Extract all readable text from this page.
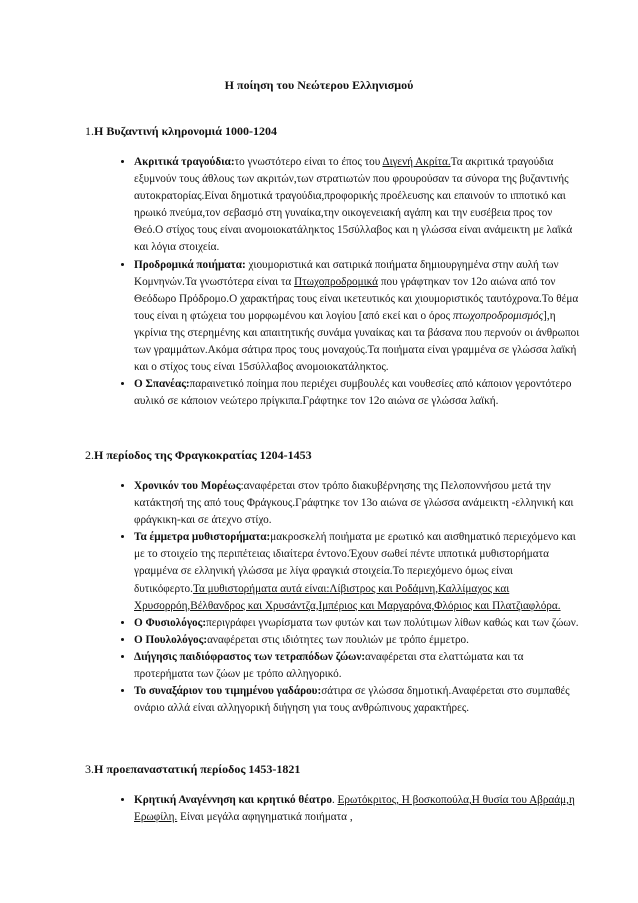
Η ποίηση του Νεώτερου Ελληνισμού
1.Η Βυζαντινή κληρονομιά 1000-1204
• Ακριτικά τραγούδια:το γνωστότερο είναι το έπος του Διγενή Ακρίτα.Τα ακριτικά τραγούδια εξυμνούν τους άθλους των ακριτών,των στρατιωτών που φρουρούσαν τα σύνορα της βυζαντινής αυτοκρατορίας.Είναι δημοτικά τραγούδια,προφορικής προέλευσης και επαινούν το ιπποτικό και ηρωικό πνεύμα,τον σεβασμό στη γυναίκα,την οικογενειακή αγάπη και την ευσέβεια προς τον Θεό.Ο στίχος τους είναι ανομοιοκατάληκτος 15σύλλαβος και η γλώσσα είναι ανάμεικτη με λαϊκά και λόγια στοιχεία.
• Προδρομικά ποιήματα: χιουμοριστικά και σατιρικά ποιήματα δημιουργημένα στην αυλή των Κομνηνών.Τα γνωστότερα είναι τα Πτωχοπροδρομικά που γράφτηκαν τον 12ο αιώνα από τον Θεόδωρο Πρόδρομο.Ο χαρακτήρας τους είναι ικετευτικός και χιουμοριστικός ταυτόχρονα.Το θέμα τους είναι η φτώχεια του μορφωμένου και λογίου [από εκεί και ο όρος πτωχοπροδρομισμός],η γκρίνια της στερημένης και απαιτητικής συνάμα γυναίκας και τα βάσανα που περνούν οι άνθρωποι των γραμμάτων.Ακόμα σάτιρα προς τους μοναχούς.Τα ποιήματα είναι γραμμένα σε γλώσσα λαϊκή και ο στίχος τους είναι 15σύλλαβος ανομοιοκατάληκτος.
• Ο Σπανέας:παραινετικό ποίημα που περιέχει συμβουλές και νουθεσίες από κάποιον γεροντότερο αυλικό σε κάποιον νεώτερο πρίγκιπα.Γράφτηκε τον 12ο αιώνα σε γλώσσα λαϊκή.
2.Η περίοδος της Φραγκοκρατίας 1204-1453
• Χρονικόν του Μορέως:αναφέρεται στον τρόπο διακυβέρνησης της Πελοποννήσου μετά την κατάκτησή της από τους Φράγκους.Γράφτηκε τον 13ο αιώνα σε γλώσσα ανάμεικτη -ελληνική και φράγκικη-και σε άτεχνο στίχο.
• Τα έμμετρα μυθιστορήματα:μακροσκελή ποιήματα με ερωτικό και αισθηματικό περιεχόμενο και με το στοιχείο της περιπέτειας ιδιαίτερα έντονο.Έχουν σωθεί πέντε ιπποτικά μυθιστορήματα γραμμένα σε ελληνική γλώσσα με λίγα φραγκιά στοιχεία.Το περιεχόμενο όμως είναι δυτικόφερτο.Τα μυθιστορήματα αυτά είναι:Λίβιστρος και Ροδάμνη,Καλλίμαχος και Χρυσορρόη,Βέλθανδρος και Χρυσάντζα,Ιμπέριος και Μαργαρόνα,Φλόριος και Πλατζιαφλόρα.
• Ο Φυσιολόγος:περιγράφει γνωρίσματα των φυτών και των πολύτιμων λίθων καθώς και των ζώων.
• Ο Πουλολόγος:αναφέρεται στις ιδιότητες των πουλιών με τρόπο έμμετρο.
• Διήγησις παιδιόφραστος των τετραπόδων ζώων:αναφέρεται στα ελαττώματα και τα προτερήματα των ζώων με τρόπο αλληγορικό.
• Το συναξάριον του τιμημένου γαδάρου:σάτιρα σε γλώσσα δημοτική.Αναφέρεται στο συμπαθές ονάριο αλλά είναι αλληγορική διήγηση για τους ανθρώπινους χαρακτήρες.
3.Η προεπαναστατική περίοδος 1453-1821
• Κρητική Αναγέννηση και κρητικό θέατρο. Ερωτόκριτος, Η βοσκοπούλα,Η θυσία του Αβραάμ,η Ερωφίλη. Είναι μεγάλα αφηγηματικά ποιήματα ,
